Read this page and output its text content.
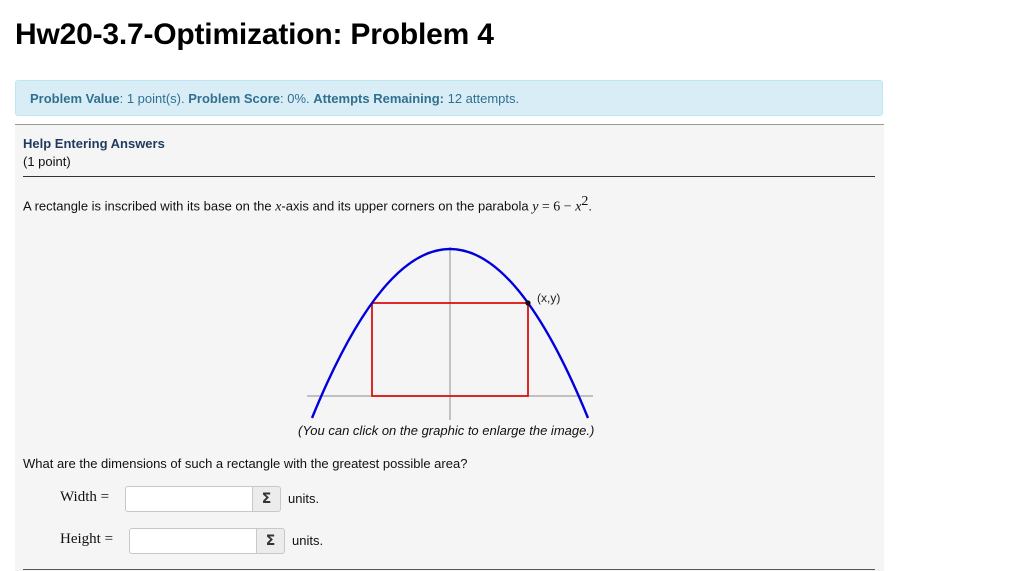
Hw20-3.7-Optimization: Problem 4
Problem Value: 1 point(s). Problem Score: 0%. Attempts Remaining: 12 attempts.
Help Entering Answers
(1 point)
A rectangle is inscribed with its base on the x-axis and its upper corners on the parabola $y = 6 - x^2$.
(x,y)
(You can click on the graphic to enlarge the image.)
What are the dimensions of such a rectangle with the greatest possible area?
Width =	Σ	units.
Height =	Σ	units.
